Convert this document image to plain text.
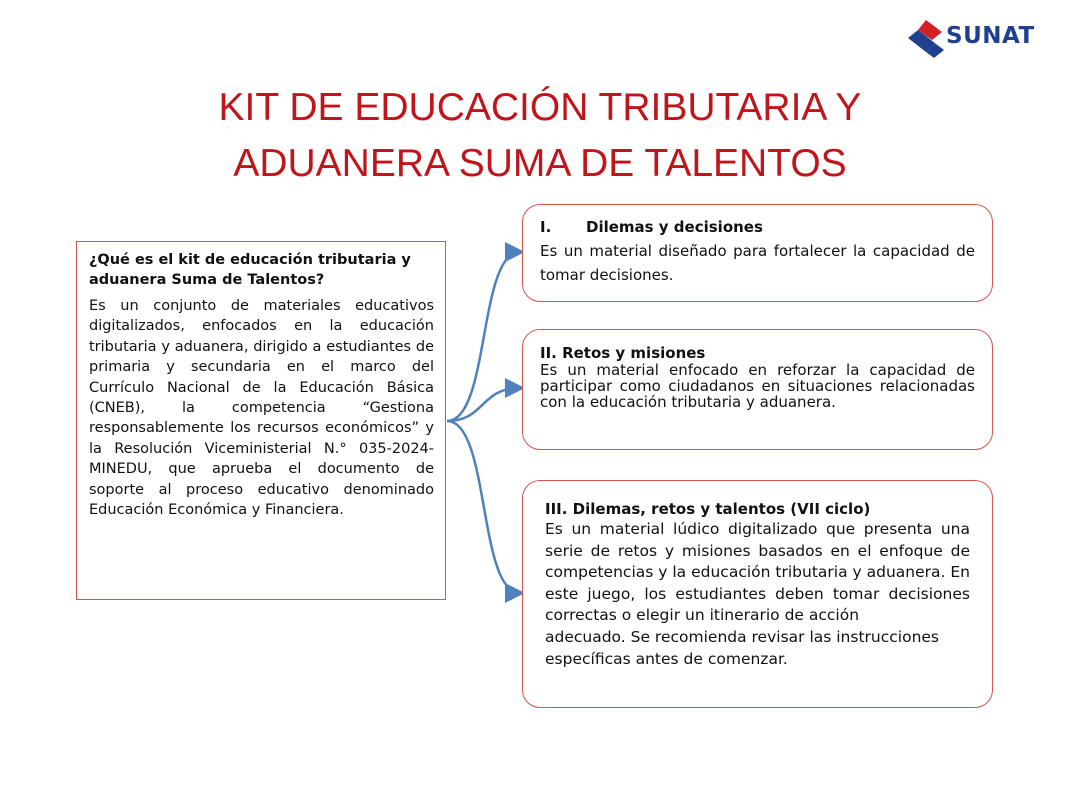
SUNAT
KIT DE EDUCACIÓN TRIBUTARIA Y
ADUANERA SUMA DE TALENTOS
¿Qué es el kit de educación tributaria y aduanera Suma de Talentos?
Es un conjunto de materiales educativos digitalizados, enfocados en la educación tributaria y aduanera, dirigido a estudiantes de primaria y secundaria en el marco del Currículo Nacional de la Educación Básica (CNEB), la competencia “Gestiona responsablemente los recursos económicos” y la Resolución Viceministerial N.° 035-2024-MINEDU, que aprueba el documento de soporte al proceso educativo denominado Educación Económica y Financiera.
I. Dilemas y decisiones
Es un material diseñado para fortalecer la capacidad de tomar decisiones.
II. Retos y misiones
Es un material enfocado en reforzar la capacidad de participar como ciudadanos en situaciones relacionadas con la educación tributaria y aduanera.
III. Dilemas, retos y talentos (VII ciclo)
Es un material lúdico digitalizado que presenta una serie de retos y misiones basados en el enfoque de competencias y la educación tributaria y aduanera. En este juego, los estudiantes deben tomar decisiones correctas o elegir un itinerario de acción
adecuado. Se recomienda revisar las instrucciones específicas antes de comenzar.
